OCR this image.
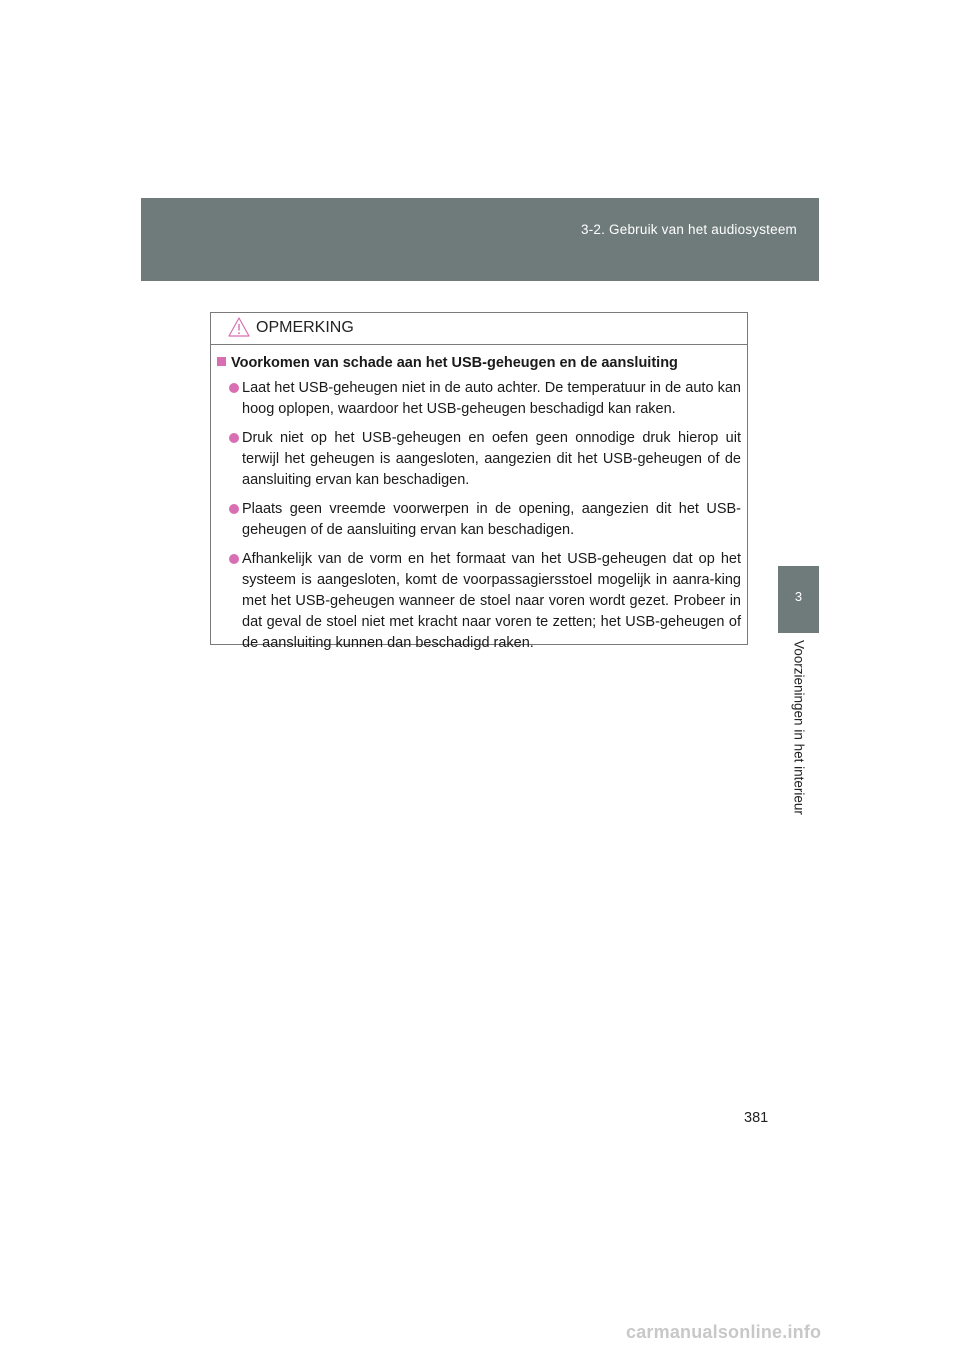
3-2. Gebruik van het audiosysteem
3
Voorzieningen in het interieur
OPMERKING
Voorkomen van schade aan het USB-geheugen en de aansluiting
Laat het USB-geheugen niet in de auto achter. De temperatuur in de auto kan hoog oplopen, waardoor het USB-geheugen beschadigd kan raken.
Druk niet op het USB-geheugen en oefen geen onnodige druk hierop uit terwijl het geheugen is aangesloten, aangezien dit het USB-geheugen of de aansluiting ervan kan beschadigen.
Plaats geen vreemde voorwerpen in de opening, aangezien dit het USB-geheugen of de aansluiting ervan kan beschadigen.
Afhankelijk van de vorm en het formaat van het USB-geheugen dat op het systeem is aangesloten, komt de voorpassagiersstoel mogelijk in aanra-king met het USB-geheugen wanneer de stoel naar voren wordt gezet. Probeer in dat geval de stoel niet met kracht naar voren te zetten; het USB-geheugen of de aansluiting kunnen dan beschadigd raken.
381
carmanualsonline.info
